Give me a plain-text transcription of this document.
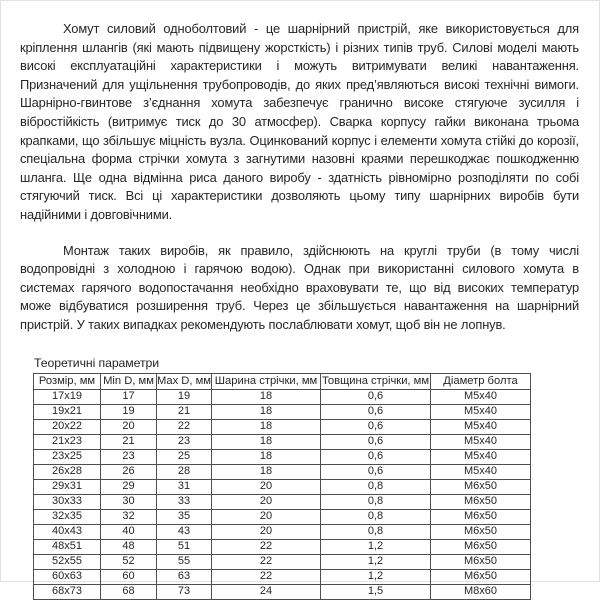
Хомут силовий одноболтовий - це шарнірний пристрій, яке використовується для кріплення шлангів (які мають підвищену жорсткість) і різних типів труб. Силові моделі мають високі експлуатаційні характеристики і можуть витримувати великі навантаження. Призначений для ущільнення трубопроводів, до яких пред’являються високі технічні вимоги. Шарнірно-гвинтове з’єднання хомута забезпечує гранично високе стягуюче зусилля і вібростійкість (витримує тиск до 30 атмосфер). Сварка корпусу гайки виконана трьома крапками, що збільшує міцність вузла. Оцинкований корпус і елементи хомута стійкі до корозії, спеціальна форма стрічки хомута з загнутими назовні краями перешкоджає пошкодженню шланга. Ще одна відмінна риса даного виробу - здатність рівномірно розподіляти по собі стягуючий тиск. Всі ці характеристики дозволяють цьому типу шарнірних виробів бути надійними і довговічними.

Монтаж таких виробів, як правило, здійснюють на круглі труби (в тому числі водопровідні з холодною і гарячою водою). Однак при використанні силового хомута в системах гарячого водопостачання необхідно враховувати те, що від високих температур може відбуватися розширення труб. Через це збільшується навантаження на шарнірний пристрій. У таких випадках рекомендують послаблювати хомут, щоб він не лопнув.

Теоретичні параметри
Розмір, мм	Min D, мм	Max D, мм	Шарина стрічки, мм	Товщина стрічки, мм	Діаметр болта
17x19	17	19	18	0,6	M5x40
19x21	19	21	18	0,6	M5x40
20x22	20	22	18	0,6	M5x40
21x23	21	23	18	0,6	M5x40
23x25	23	25	18	0,6	M5x40
26x28	26	28	18	0,6	M5x40
29x31	29	31	20	0,8	M6x50
30x33	30	33	20	0,8	M6x50
32x35	32	35	20	0,8	M6x50
40x43	40	43	20	0,8	M6x50
48x51	48	51	22	1,2	M6x50
52x55	52	55	22	1,2	M6x50
60x63	60	63	22	1,2	M6x50
68x73	68	73	24	1,5	M8x60
